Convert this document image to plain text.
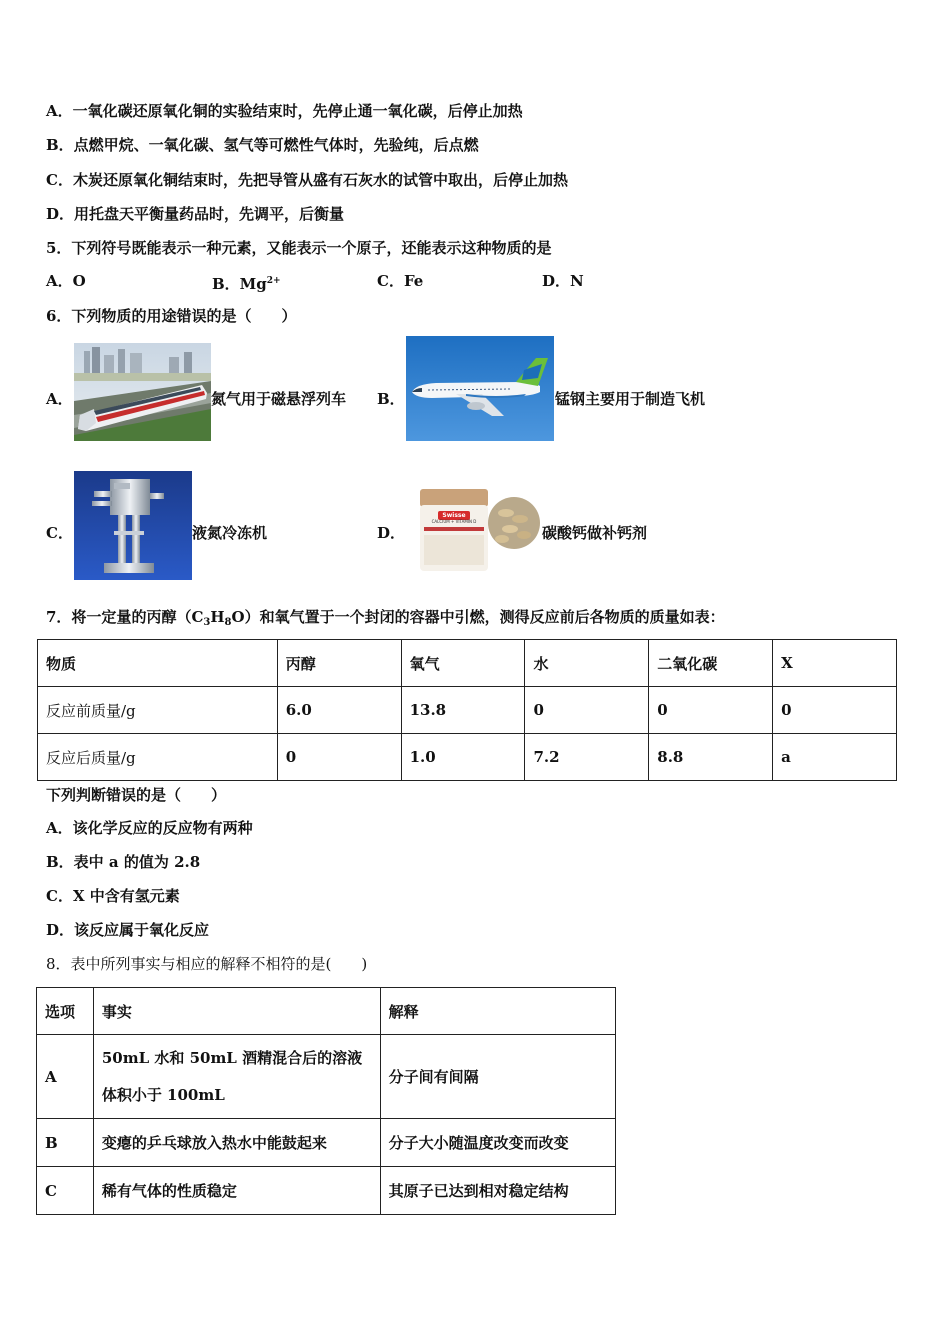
A．一氧化碳还原氧化铜的实验结束时，先停止通一氧化碳，后停止加热
B．点燃甲烷、一氧化碳、氢气等可燃性气体时，先验纯，后点燃
C．木炭还原氧化铜结束时，先把导管从盛有石灰水的试管中取出，后停止加热
D．用托盘天平衡量药品时，先调平，后衡量
5．下列符号既能表示一种元素，又能表示一个原子，还能表示这种物质的是
A．O	B．$Mg^{2+}$	C．Fe	D．N
6．下列物质的用途错误的是（　　）
A．	氮气用于磁悬浮列车 B．	锰钢主要用于制造飞机
C．	液氮冷冻机	D．
Swisse
CALCIUM + VITAMIN D
碳酸钙做补钙剂
7．将一定量的丙醇$(C_3H_8O)$和氧气置于一个封闭的容器中引燃，测得反应前后各物质的质量如表：
物质	丙醇	氧气	水	二氧化碳	X
反应前质量/g	6.0	13.8	0	0	0
反应后质量/g	0	1.0	7.2	8.8	a
下列判断错误的是（　　）
A．该化学反应的反应物有两种
B．表中 a 的值为 2.8
C．X 中含有氢元素
D．该反应属于氧化反应
8．表中所列事实与相应的解释不相符的是(　　)
选项	事实	解释
A	50mL 水和 50mL 酒精混合后的溶液
体积小于 100mL	分子间有间隔
B	变瘪的乒乓球放入热水中能鼓起来	分子大小随温度改变而改变
C	稀有气体的性质稳定	其原子已达到相对稳定结构
